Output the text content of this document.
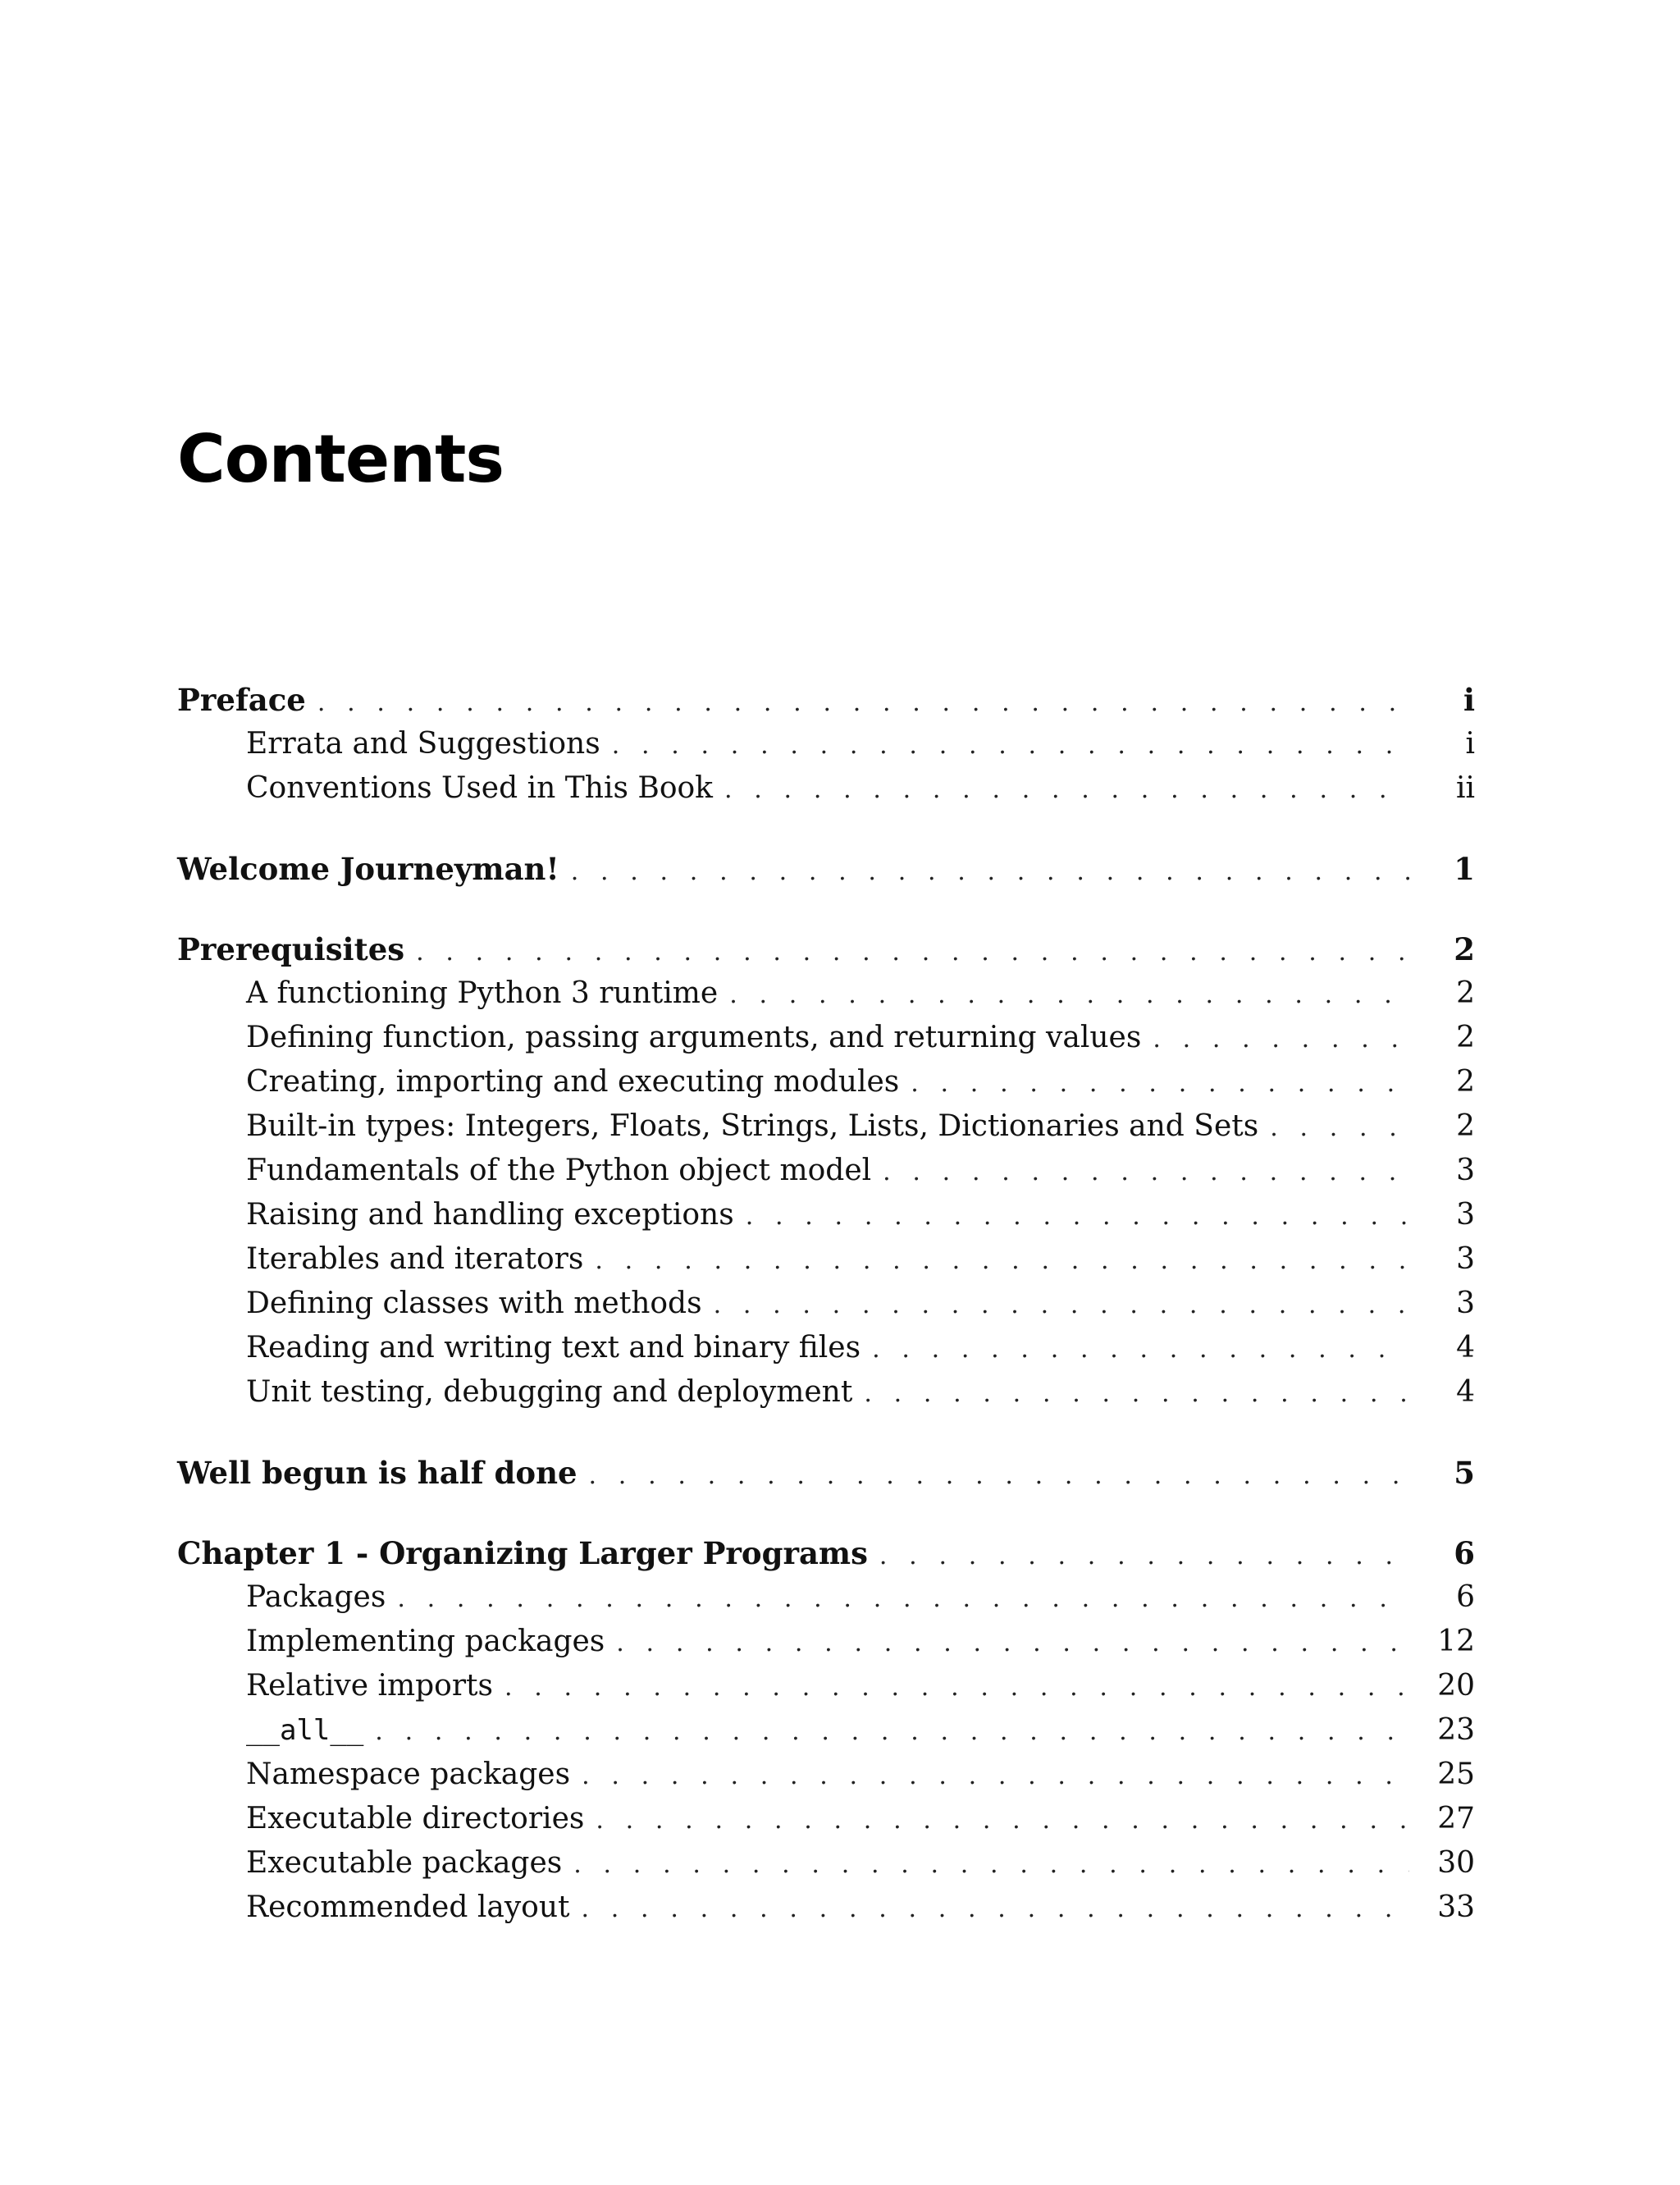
Contents
Preface . . .	i
Errata and Suggestions . . .	i
Conventions Used in This Book . . .	ii
Welcome Journeyman! . . .	1
Prerequisites . . .	2
A functioning Python 3 runtime . . .	2
Defining function, passing arguments, and returning values . . .	2
Creating, importing and executing modules . . .	2
Built-in types: Integers, Floats, Strings, Lists, Dictionaries and Sets . . .	2
Fundamentals of the Python object model . . .	3
Raising and handling exceptions . . .	3
Iterables and iterators . . .	3
Defining classes with methods . . .	3
Reading and writing text and binary files . . .	4
Unit testing, debugging and deployment . . .	4
Well begun is half done . . .	5
Chapter 1 - Organizing Larger Programs . . .	6
Packages . . .	6
Implementing packages . . .	12
Relative imports . . .	20
__all__ . . .	23
Namespace packages . . .	25
Executable directories . . .	27
Executable packages . . .	30
Recommended layout . . .	33
